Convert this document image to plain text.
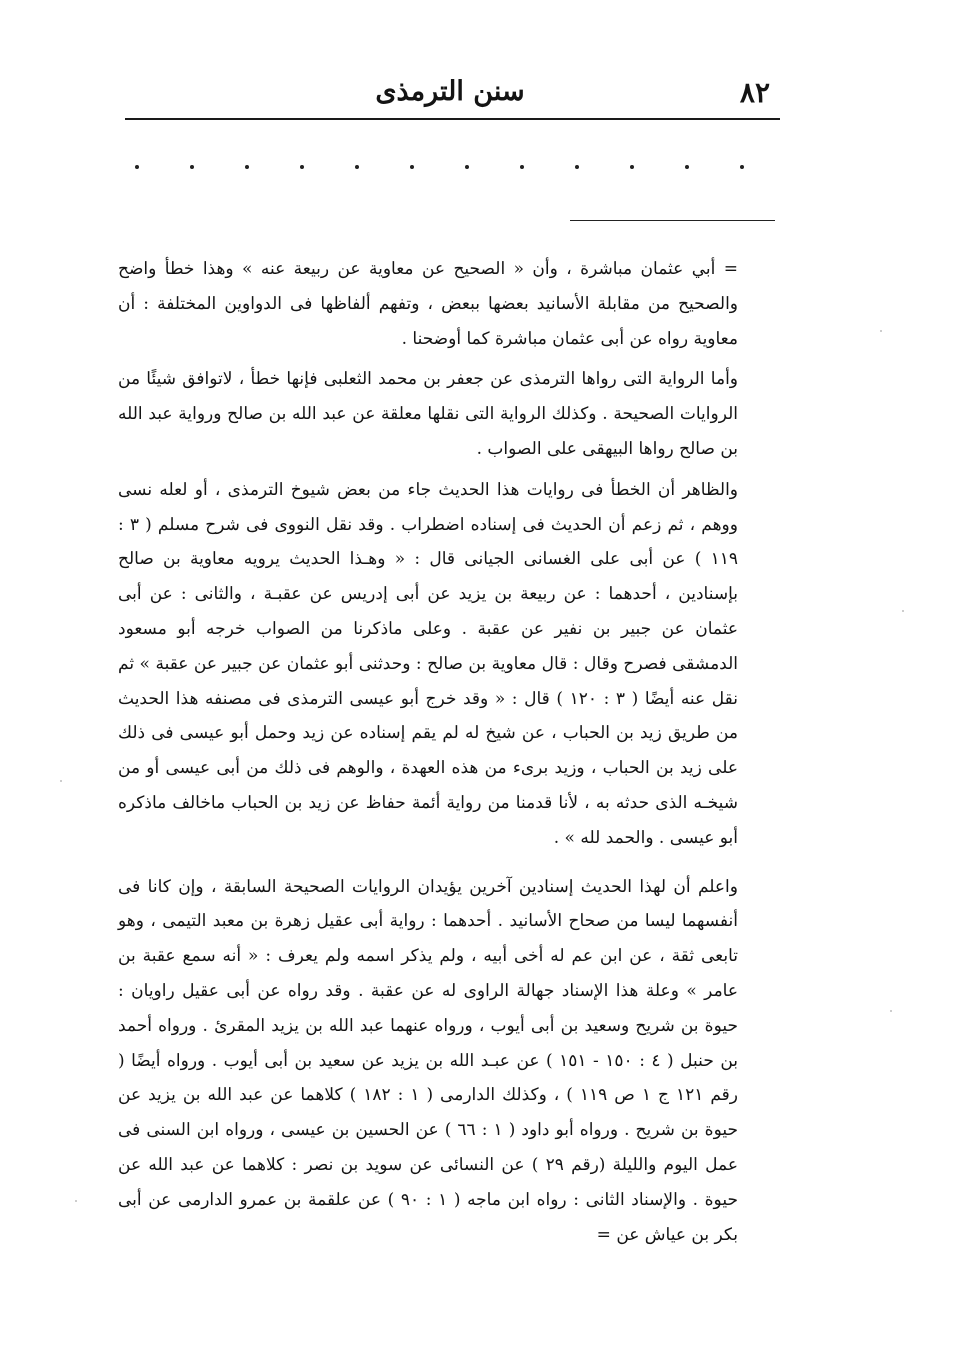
٨٢
سنن الترمذى

= أبي عثمان مباشرة ، وأن « الصحيح عن معاوية عن ربيعة عنه » وهذا خطأ واضح والصحيح من مقابلة الأسانيد بعضها ببعض ، وتفهم ألفاظها فى الدواوين المختلفة : أن معاوية رواه عن أبى عثمان مباشرة كما أوضحنا .

وأما الرواية التى رواها الترمذى عن جعفر بن محمد الثعلبى فإنها خطأ ، لاتوافق شيئًا من الروايات الصحيحة . وكذلك الرواية التى نقلها معلقة عن عبد الله بن صالح ورواية عبد الله بن صالح رواها البيهقى على الصواب .

والظاهر أن الخطأ فى روايات هذا الحديث جاء من بعض شيوخ الترمذى ، أو لعله نسى ووهم ، ثم زعم أن الحديث فى إسناده اضطراب . وقد نقل النووى فى شرح مسلم ( ٣ : ١١٩ ) عن أبى على الغسانى الجيانى قال : « وهـذا الحديث يرويه معاوية بن صالح بإسنادين ، أحدهما : عن ربيعة بن يزيد عن أبى إدريس عن عقبـة ، والثانى : عن أبى عثمان عن جبير بن نفير عن عقبة . وعلى ماذكرنا من الصواب خرجه أبو مسعود الدمشقى فصرح وقال : قال معاوية بن صالح : وحدثنى أبو عثمان عن جبير عن عقبة » ثم نقل عنه أيضًا ( ٣ : ١٢٠ ) قال : « وقد خرج أبو عيسى الترمذى فى مصنفه هذا الحديث من طريق زيد بن الحباب ، عن شيخ له لم يقم إسناده عن زيد وحمل أبو عيسى فى ذلك على زيد بن الحباب ، وزيد برىء من هذه العهدة ، والوهم فى ذلك من أبى عيسى أو من شيخـه الذى حدثه به ، لأنا قدمنا من رواية أئمة حفاظ عن زيد بن الحباب ماخالف ماذكره أبو عيسى . والحمد لله » .

واعلم أن لهذا الحديث إسنادين آخرين يؤيدان الروايات الصحيحة السابقة ، وإن كانا فى أنفسهما ليسا من صحاح الأسانيد . أحدهما : رواية أبى عقيل زهرة بن معبد التيمى ، وهو تابعى ثقة ، عن ابن عم له أخى أبيه ، ولم يذكر اسمه ولم يعرف : « أنه سمع عقبة بن عامر » وعلة هذا الإسناد جهالة الراوى له عن عقبة . وقد رواه عن أبى عقيل راويان : حيوة بن شريح وسعيد بن أبى أيوب ، ورواه عنهما عبد الله بن يزيد المقرئ . ورواه أحمد بن حنبل ( ٤ : ١٥٠ - ١٥١ ) عن عبـد الله بن يزيد عن سعيد بن أبى أيوب . ورواه أيضًا ( رقم ١٢١ ج ١ ص ١١٩ ) ، وكذلك الدارمى ( ١ : ١٨٢ ) كلاهما عن عبد الله بن يزيد عن حيوة بن شريح . ورواه أبو داود ( ١ : ٦٦ ) عن الحسين بن عيسى ، ورواه ابن السنى فى عمل اليوم والليلة (رقم ٢٩ ) عن النسائى عن سويد بن نصر : كلاهما عن عبد الله عن حيوة . والإسناد الثانى : رواه ابن ماجه ( ١ : ٩٠ ) عن علقمة بن عمرو الدارمى عن أبى بكر بن عياش عن =
